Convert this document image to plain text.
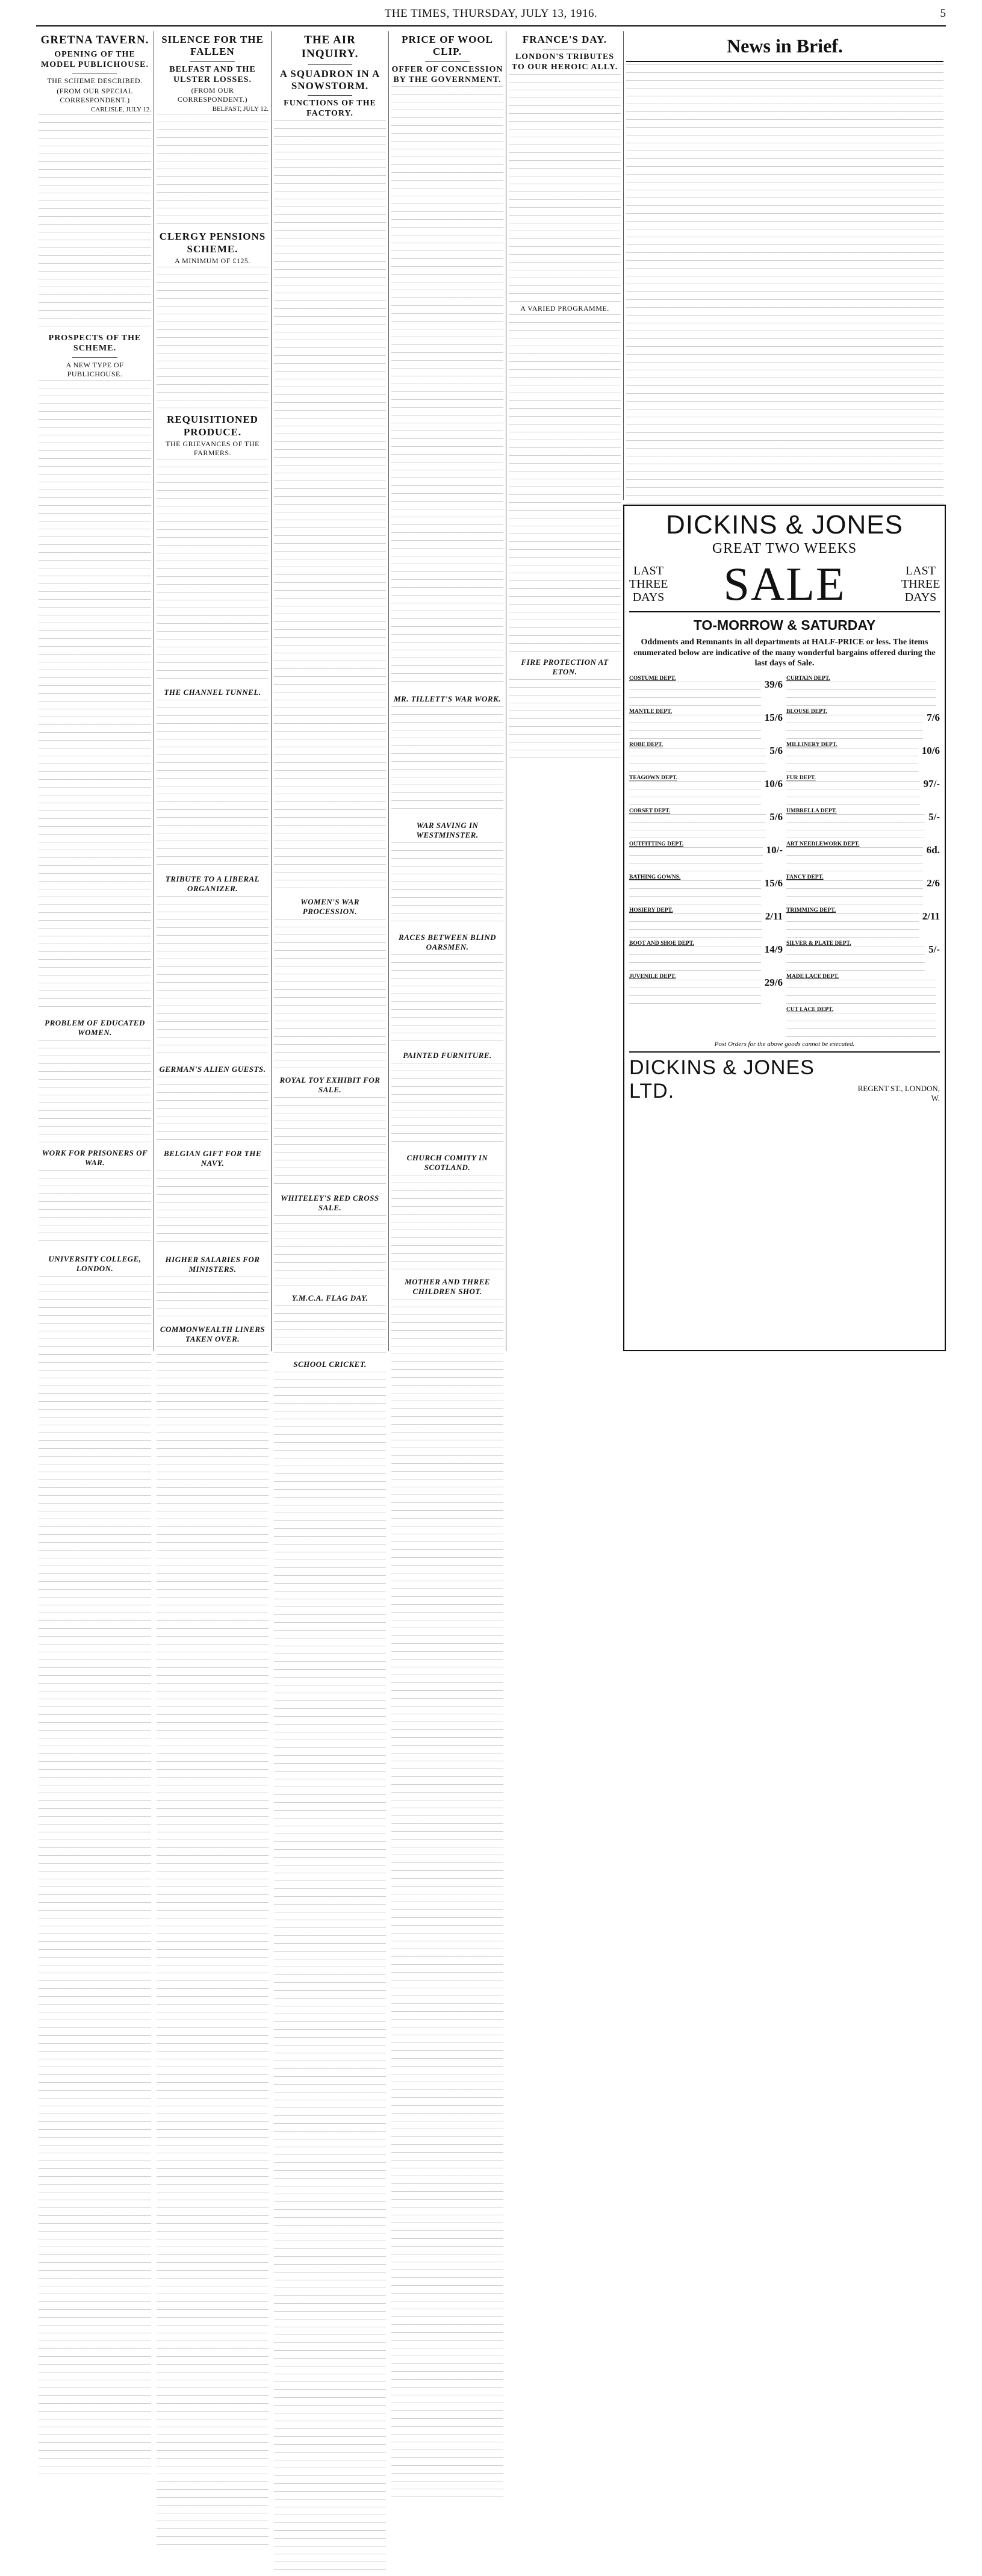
THE TIMES, THURSDAY, JULY 13, 1916.	5
GRETNA TAVERN.
OPENING OF THE MODEL PUBLICHOUSE.
THE SCHEME DESCRIBED.
(FROM OUR SPECIAL CORRESPONDENT.)
CARLISLE, JULY 12.
PROSPECTS OF THE SCHEME.
A NEW TYPE OF PUBLICHOUSE.
PROBLEM OF EDUCATED WOMEN.
WORK FOR PRISONERS OF WAR.
UNIVERSITY COLLEGE, LONDON.
SILENCE FOR THE FALLEN
BELFAST AND THE ULSTER LOSSES.
(FROM OUR CORRESPONDENT.)
BELFAST, JULY 12.
CLERGY PENSIONS SCHEME.
A MINIMUM OF £125.
REQUISITIONED PRODUCE.
THE GRIEVANCES OF THE FARMERS.
THE CHANNEL TUNNEL.
TRIBUTE TO A LIBERAL ORGANIZER.
GERMAN'S ALIEN GUESTS.
BELGIAN GIFT FOR THE NAVY.
HIGHER SALARIES FOR MINISTERS.
COMMONWEALTH LINERS TAKEN OVER.
THE AIR INQUIRY.
A SQUADRON IN A SNOWSTORM.
FUNCTIONS OF THE FACTORY.
WOMEN'S WAR PROCESSION.
ROYAL TOY EXHIBIT FOR SALE.
WHITELEY'S RED CROSS SALE.
Y.M.C.A. FLAG DAY.
SCHOOL CRICKET.
PRICE OF WOOL CLIP.
OFFER OF CONCESSION BY THE GOVERNMENT.
MR. TILLETT'S WAR WORK.
WAR SAVING IN WESTMINSTER.
RACES BETWEEN BLIND OARSMEN.
PAINTED FURNITURE.
CHURCH COMITY IN SCOTLAND.
MOTHER AND THREE CHILDREN SHOT.
FRANCE'S DAY.
LONDON'S TRIBUTES TO OUR HEROIC ALLY.
A VARIED PROGRAMME.
FIRE PROTECTION AT ETON.
News in Brief.
DICKINS & JONES
GREAT TWO WEEKS
LAST THREE DAYS SALE	LAST THREE DAYS
TO-MORROW & SATURDAY
Oddments and Remnants in all departments at HALF-PRICE or less. The items enumerated below are indicative of the many wonderful bargains offered during the last days of Sale.
COSTUME DEPT.	39/6
MANTLE DEPT.	15/6
ROBE DEPT.	5/6
TEAGOWN DEPT.	10/6
CORSET DEPT.	5/6
OUTFITTING DEPT.	10/-
BATHING GOWNS.	15/6
HOSIERY DEPT.	2/11
BOOT AND SHOE DEPT.	14/9
JUVENILE DEPT.	29/6
CURTAIN DEPT.
BLOUSE DEPT.	7/6
MILLINERY DEPT.	10/6
FUR DEPT.	97/-
UMBRELLA DEPT.	5/-
ART NEEDLEWORK DEPT.	6d.
FANCY DEPT.	2/6
TRIMMING DEPT.	2/11
SILVER & PLATE DEPT.	5/-
MADE LACE DEPT.
CUT LACE DEPT.
Post Orders for the above goods cannot be executed.
DICKINS & JONES LTD.	REGENT ST., LONDON, W.
